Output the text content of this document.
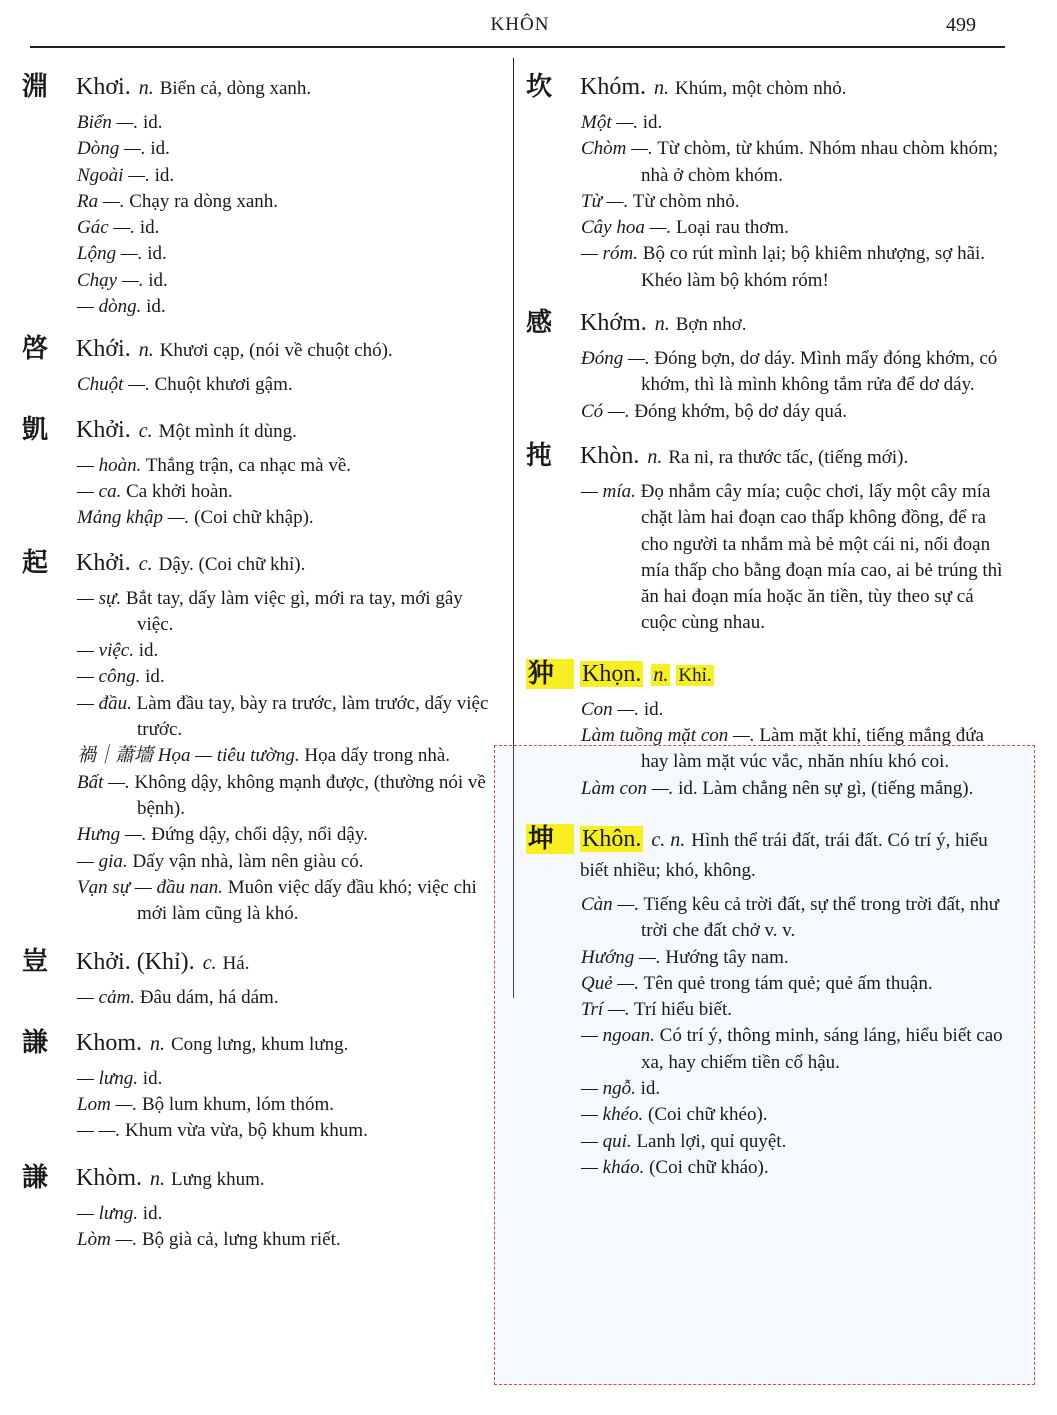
KHÔN	499
淵	Khơi. n. Biển cả, dòng xanh.
Biển —. id.
Dòng —. id.
Ngoài —. id.
Ra —. Chạy ra dòng xanh.
Gác —. id.
Lộng —. id.
Chạy —. id.
— dòng. id.
啓	Khới. n. Khươi cạp, (nói về chuột chó).
Chuột —. Chuột khươi gậm.
凱	Khởi. c. Một mình ít dùng.
— hoàn. Thắng trận, ca nhạc mà về.
— ca. Ca khởi hoàn.
Mảng khập —. (Coi chữ khập).
起	Khởi. c. Dậy. (Coi chữ khỉ).
— sự. Bắt tay, dấy làm việc gì, mới ra tay, mới gây việc.
— việc. id.
— công. id.
— đầu. Làm đầu tay, bày ra trước, làm trước, dấy việc trước.
禍｜蕭墻 Họa — tiêu tường. Họa dấy trong nhà.
Bất —. Không dậy, không mạnh được, (thường nói về bệnh).
Hưng —. Đứng dậy, chổi dậy, nổi dậy.
— gia. Dấy vận nhà, làm nên giàu có.
Vạn sự — đầu nan. Muôn việc dấy đầu khó; việc chi mới làm cũng là khó.
豈	Khởi. (Khỉ). c. Há.
— cảm. Đâu dám, há dám.
謙	Khom. n. Cong lưng, khum lưng.
— lưng. id.
Lom —. Bộ lum khum, lóm thóm.
— —. Khum vừa vừa, bộ khum khum.
謙	Khòm. n. Lưng khum.
— lưng. id.
Lòm —. Bộ già cả, lưng khum riết.
坎	Khóm. n. Khúm, một chòm nhỏ.
Một —. id.
Chòm —. Từ chòm, từ khúm. Nhóm nhau chòm khóm; nhà ở chòm khóm.
Từ —. Từ chòm nhỏ.
Cây hoa —. Loại rau thơm.
— róm. Bộ co rút mình lại; bộ khiêm nhượng, sợ hãi. Khéo làm bộ khóm róm!
感	Khớm. n. Bợn nhơ.
Đóng —. Đóng bợn, dơ dáy. Mình mẩy đóng khớm, có khớm, thì là mình không tắm rửa để dơ dáy.
Có —. Đóng khớm, bộ dơ dáy quá.
扽	Khòn. n. Ra ni, ra thước tấc, (tiếng mới).
— mía. Đọ nhắm cây mía; cuộc chơi, lấy một cây mía chặt làm hai đoạn cao thấp không đồng, để ra cho người ta nhắm mà bẻ một cái ni, nối đoạn mía thấp cho bằng đoạn mía cao, ai bẻ trúng thì ăn hai đoạn mía hoặc ăn tiền, tùy theo sự cá cuộc cùng nhau.
狆	Khọn. n. Khỉ.
Con —. id.
Làm tuồng mặt con —. Làm mặt khỉ, tiếng mắng đứa hay làm mặt vúc vắc, nhăn nhíu khó coi.
Làm con —. id. Làm chẳng nên sự gì, (tiếng mắng).
坤	Khôn. c. n. Hình thể trái đất, trái đất. Có trí ý, hiểu biết nhiều; khó, không.
Càn —. Tiếng kêu cả trời đất, sự thể trong trời đất, như trời che đất chở v. v.
Hướng —. Hướng tây nam.
Quẻ —. Tên quẻ trong tám quẻ; quẻ ấm thuận.
Trí —. Trí hiểu biết.
— ngoan. Có trí ý, thông minh, sáng láng, hiểu biết cao xa, hay chiếm tiền cố hậu.
— ngỗ. id.
— khéo. (Coi chữ khéo).
— qui. Lanh lợi, quỉ quyệt.
— kháo. (Coi chữ kháo).
